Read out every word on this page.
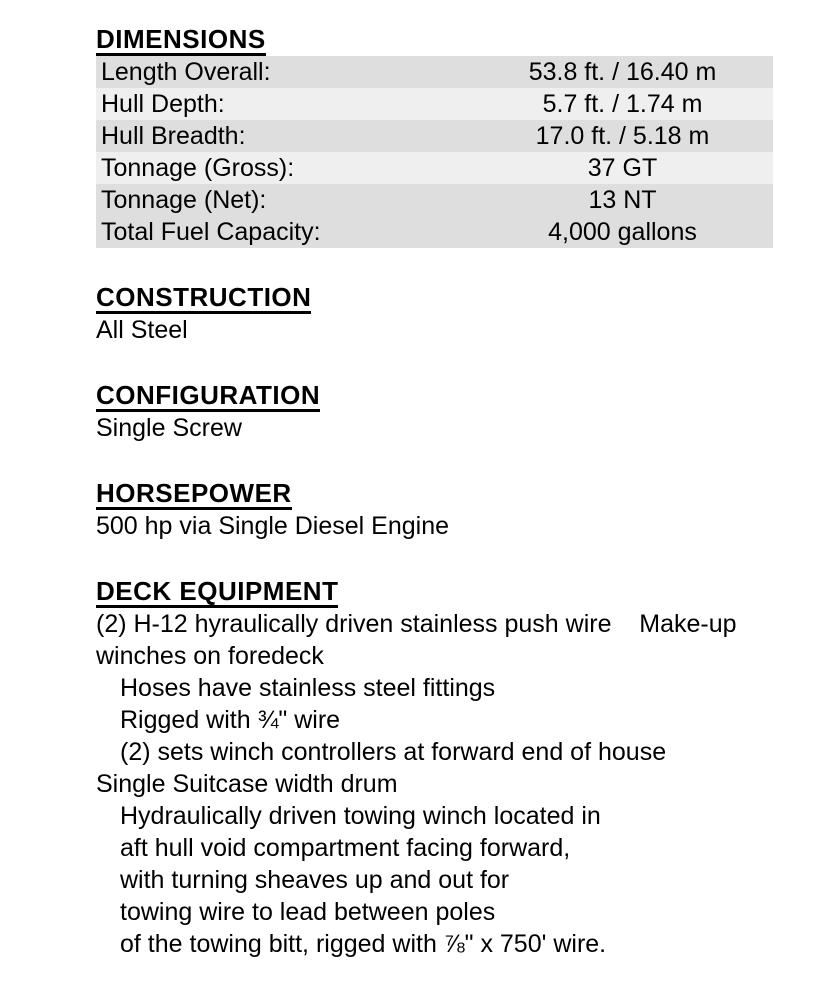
DIMENSIONS
Length Overall:	53.8 ft. / 16.40 m
Hull Depth:	5.7 ft. / 1.74 m
Hull Breadth:	17.0 ft. / 5.18 m
Tonnage (Gross):	37 GT
Tonnage (Net):	13 NT
Total Fuel Capacity:	4,000 gallons
CONSTRUCTION
All Steel
CONFIGURATION
Single Screw
HORSEPOWER
500 hp via Single Diesel Engine
DECK EQUIPMENT
(2) H-12 hyraulically driven stainless push wire    Make-up
winches on foredeck
Hoses have stainless steel fittings
Rigged with ¾" wire
(2) sets winch controllers at forward end of house
Single Suitcase width drum
Hydraulically driven towing winch located in
aft hull void compartment facing forward,
with turning sheaves up and out for
towing wire to lead between poles
of the towing bitt, rigged with ⅞" x 750' wire.
